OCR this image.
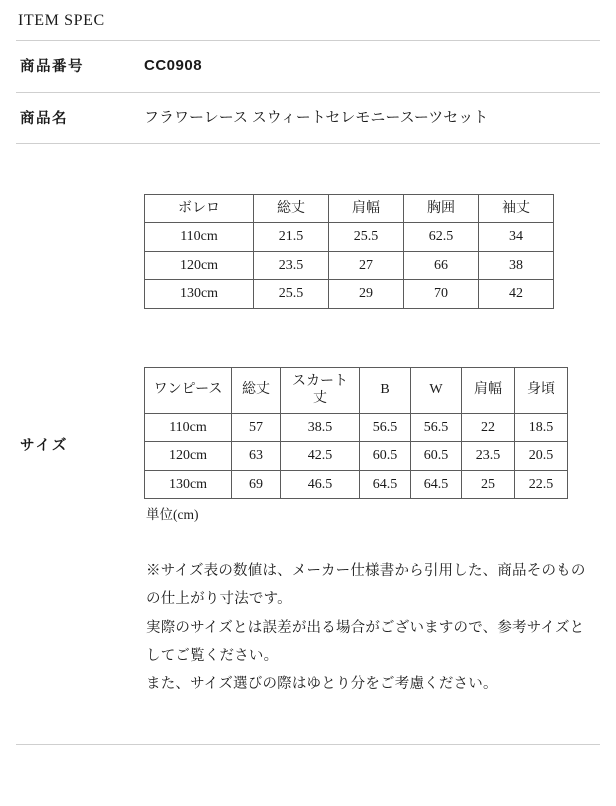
ITEM SPEC
商品番号	CC0908
商品名	フラワーレース スウィートセレモニースーツセット
サイズ
ボレロ	総丈	肩幅	胸囲	袖丈
110cm	21.5	25.5	62.5	34
120cm	23.5	27	66	38
130cm	25.5	29	70	42
ワンピース	総丈	スカート丈	B	W	肩幅	身頃
110cm	57	38.5	56.5	56.5	22	18.5
120cm	63	42.5	60.5	60.5	23.5	20.5
130cm	69	46.5	64.5	64.5	25	22.5
単位(cm)
※サイズ表の数値は、メーカー仕様書から引用した、商品そのものの仕上がり寸法です。
実際のサイズとは誤差が出る場合がございますので、参考サイズとしてご覧ください。
また、サイズ選びの際はゆとり分をご考慮ください。
